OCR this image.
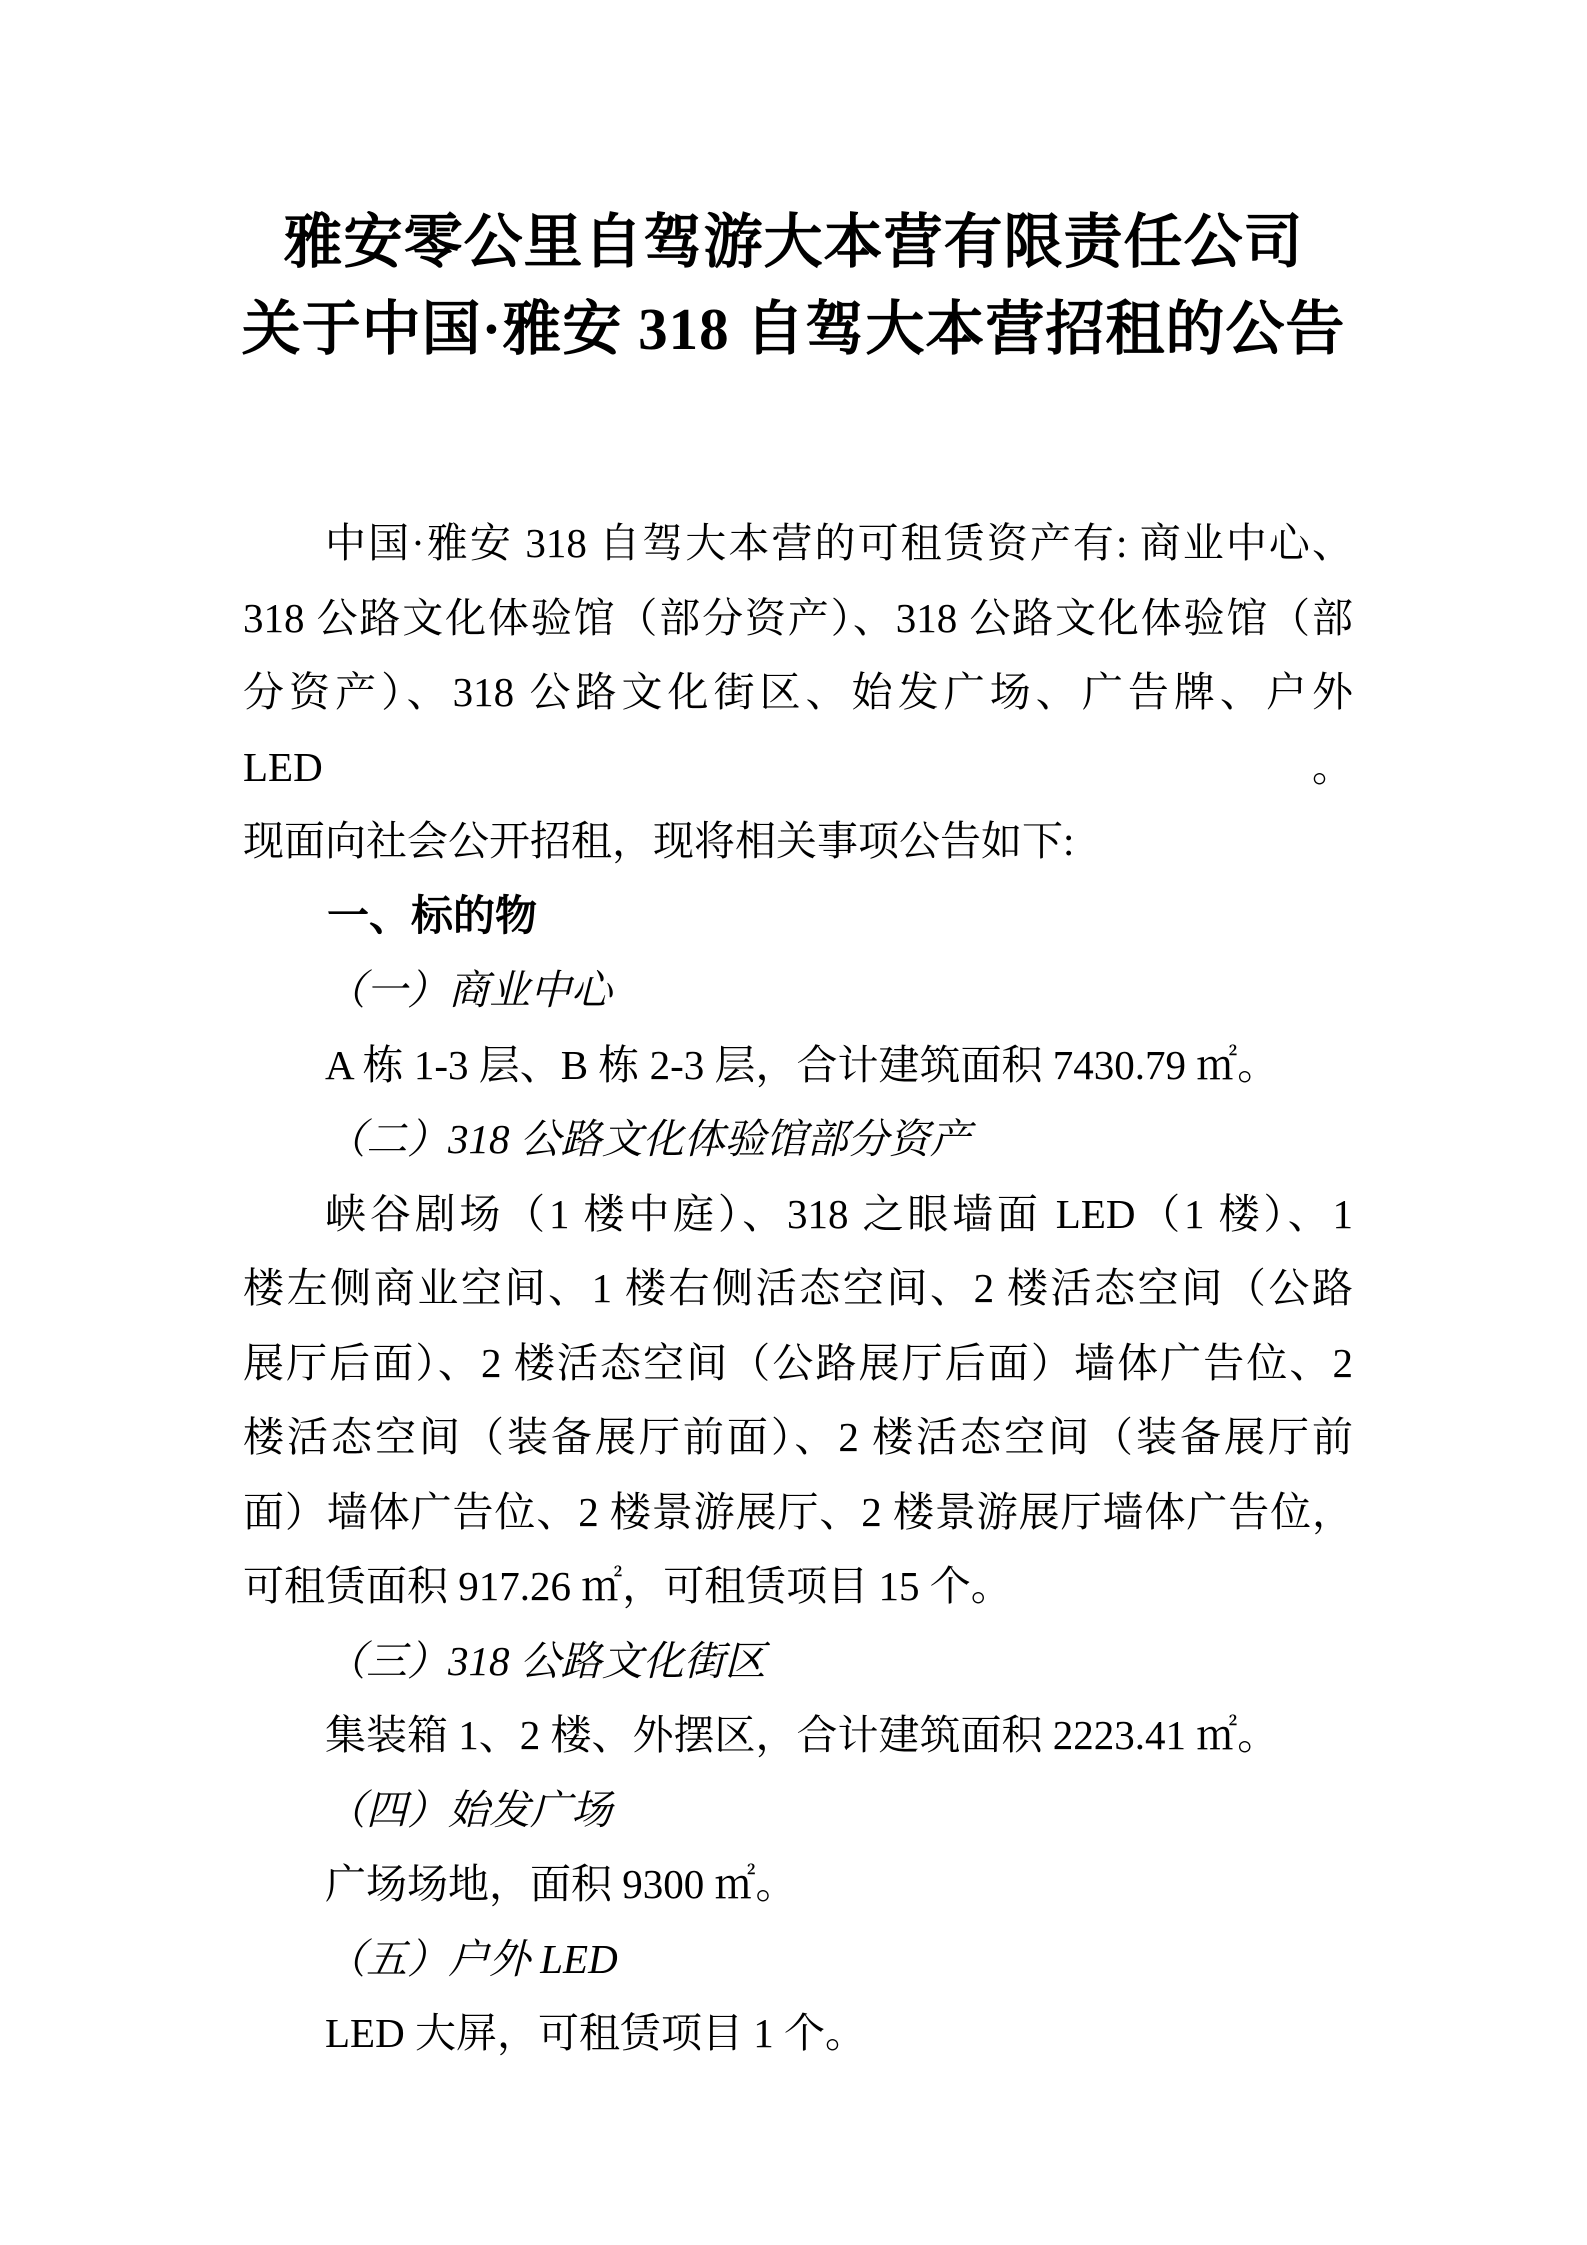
雅安零公里自驾游大本营有限责任公司
关于中国·雅安 318 自驾大本营招租的公告
中国·雅安 318 自驾大本营的可租赁资产有: 商业中心、
318 公路文化体验馆（部分资产）、318 公路文化体验馆（部
分资产）、318 公路文化街区、始发广场、广告牌、户外 LED。
现面向社会公开招租，现将相关事项公告如下:
一、标的物
（一）商业中心
A 栋 1-3 层、B 栋 2-3 层，合计建筑面积 7430.79 ㎡。
（二）318 公路文化体验馆部分资产
峡谷剧场（1 楼中庭）、318 之眼墙面 LED（1 楼）、1
楼左侧商业空间、1 楼右侧活态空间、2 楼活态空间（公路
展厅后面）、2 楼活态空间（公路展厅后面）墙体广告位、2
楼活态空间（装备展厅前面）、2 楼活态空间（装备展厅前
面）墙体广告位、2 楼景游展厅、2 楼景游展厅墙体广告位，
可租赁面积 917.26 ㎡，可租赁项目 15 个。
（三）318 公路文化街区
集装箱 1、2 楼、外摆区，合计建筑面积 2223.41 ㎡。
（四）始发广场
广场场地，面积 9300 ㎡。
（五）户外 LED
LED 大屏，可租赁项目 1 个。
